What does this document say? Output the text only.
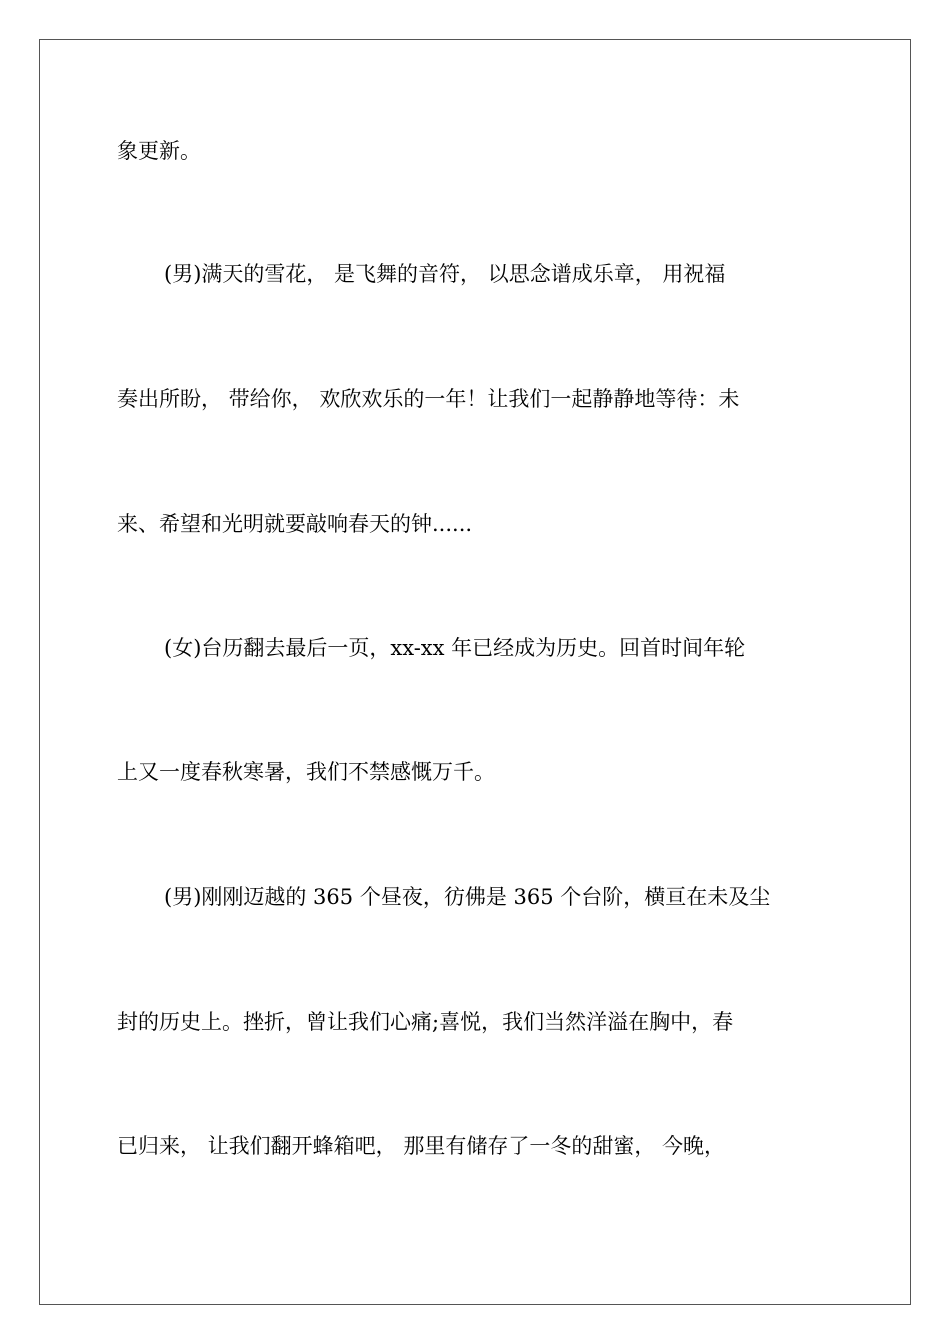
象更新。
(男)满天的雪花， 是飞舞的音符， 以思念谱成乐章， 用祝福
奏出所盼， 带给你， 欢欣欢乐的一年！让我们一起静静地等待：未
来、希望和光明就要敲响春天的钟......
(女)台历翻去最后一页，xx-xx 年已经成为历史。回首时间年轮
上又一度春秋寒暑，我们不禁感慨万千。
(男)刚刚迈越的 365 个昼夜，彷佛是 365 个台阶，横亘在未及尘
封的历史上。挫折，曾让我们心痛;喜悦，我们当然洋溢在胸中，春
已归来， 让我们翻开蜂箱吧， 那里有储存了一冬的甜蜜， 今晚，
